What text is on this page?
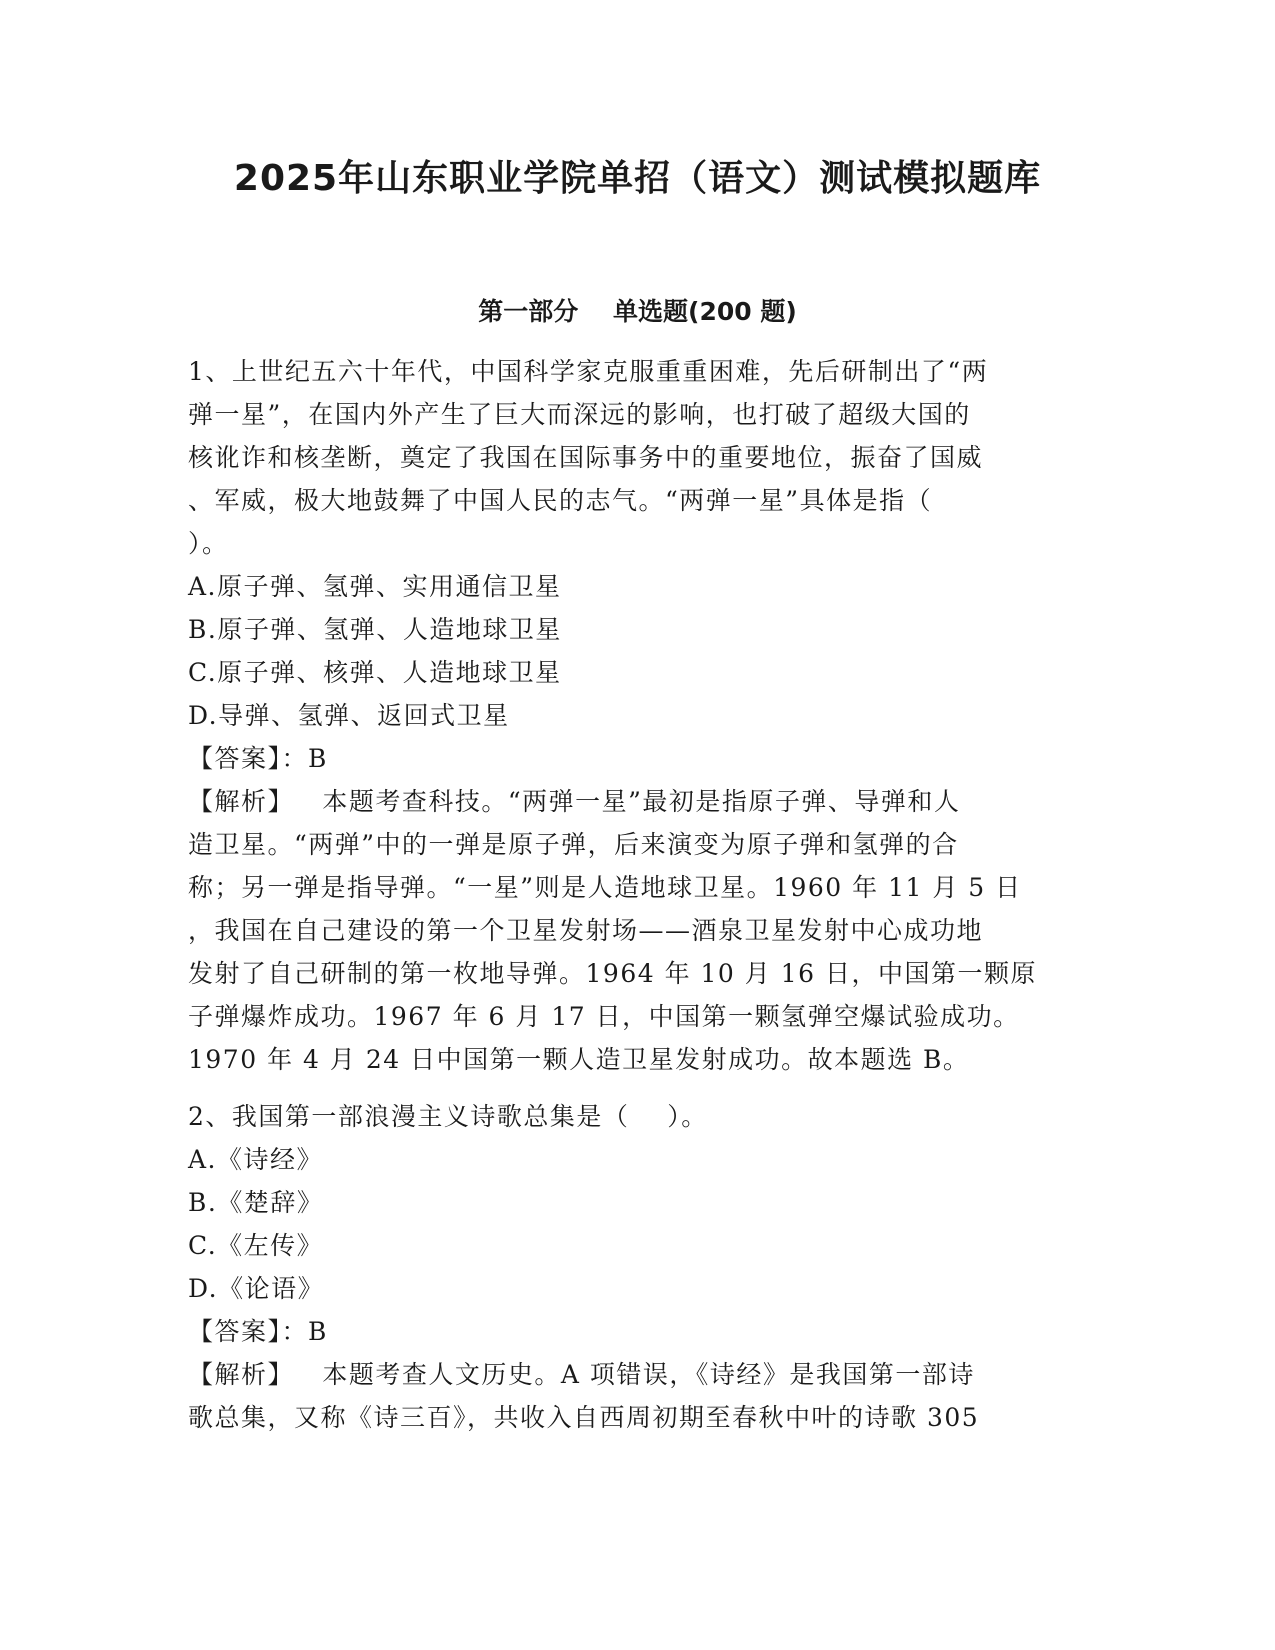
2025年山东职业学院单招（语文）测试模拟题库
第一部分    单选题(200 题)
1、上世纪五六十年代，中国科学家克服重重困难，先后研制出了“两
弹一星”，在国内外产生了巨大而深远的影响，也打破了超级大国的
核讹诈和核垄断，奠定了我国在国际事务中的重要地位，振奋了国威
、军威，极大地鼓舞了中国人民的志气。“两弹一星”具体是指（
）。
A.原子弹、氢弹、实用通信卫星
B.原子弹、氢弹、人造地球卫星
C.原子弹、核弹、人造地球卫星
D.导弹、氢弹、返回式卫星
【答案】：B
【解析】   本题考查科技。“两弹一星”最初是指原子弹、导弹和人
造卫星。“两弹”中的一弹是原子弹，后来演变为原子弹和氢弹的合
称；另一弹是指导弹。“一星”则是人造地球卫星。1960 年 11 月 5 日
，我国在自己建设的第一个卫星发射场——酒泉卫星发射中心成功地
发射了自己研制的第一枚地导弹。1964 年 10 月 16 日，中国第一颗原
子弹爆炸成功。1967 年 6 月 17 日，中国第一颗氢弹空爆试验成功。
1970 年 4 月 24 日中国第一颗人造卫星发射成功。故本题选 B。
2、我国第一部浪漫主义诗歌总集是（    ）。
A.《诗经》
B.《楚辞》
C.《左传》
D.《论语》
【答案】：B
【解析】   本题考查人文历史。A 项错误，《诗经》是我国第一部诗
歌总集，又称《诗三百》，共收入自西周初期至春秋中叶的诗歌 305
